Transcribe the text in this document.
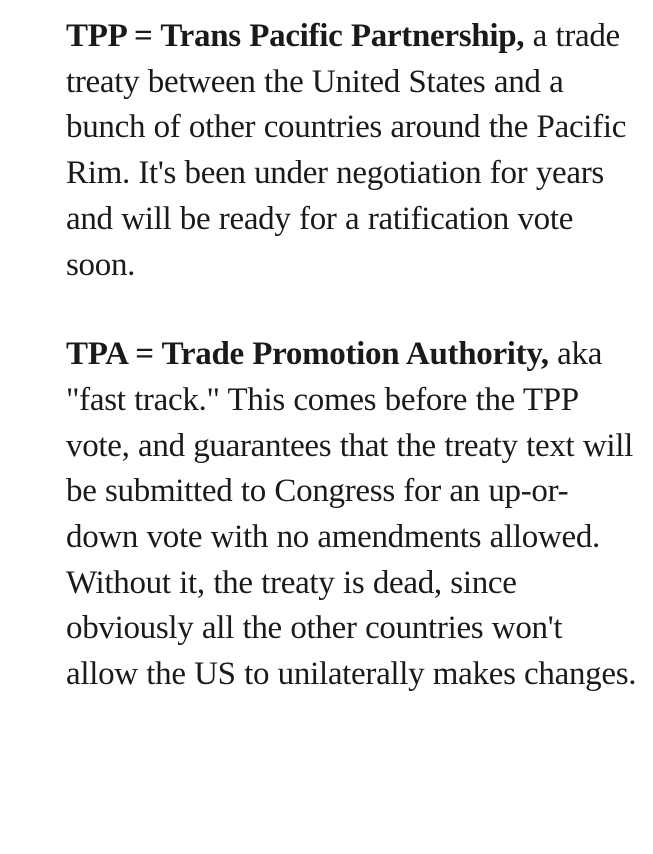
TPP = Trans Pacific Partnership, a trade treaty between the United States and a bunch of other countries around the Pacific Rim. It's been under negotiation for years and will be ready for a ratification vote soon.

TPA = Trade Promotion Authority, aka "fast track." This comes before the TPP vote, and guarantees that the treaty text will be submitted to Congress for an up-or-down vote with no amendments allowed. Without it, the treaty is dead, since obviously all the other countries won't allow the US to unilaterally makes changes.
